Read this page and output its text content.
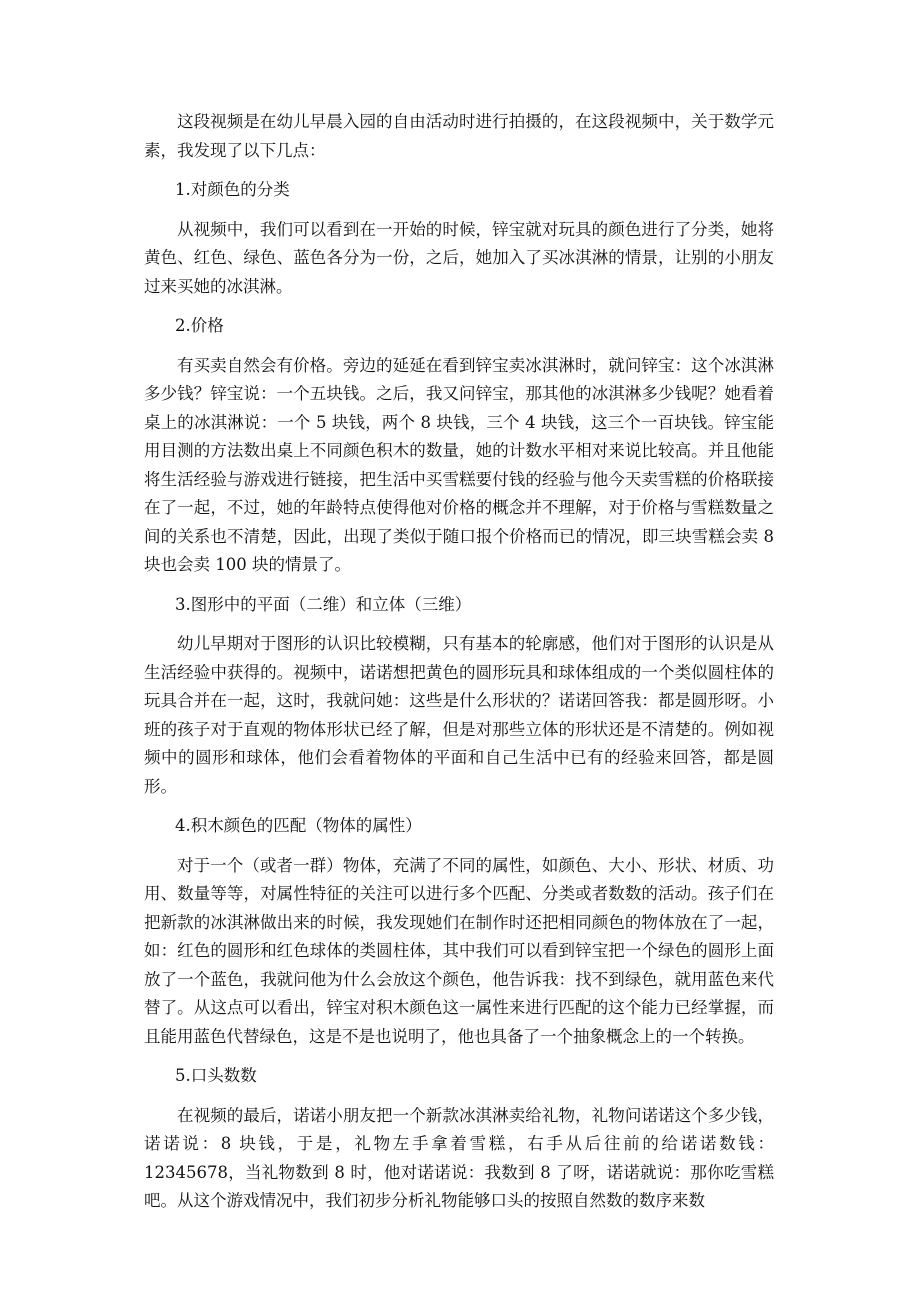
这段视频是在幼儿早晨入园的自由活动时进行拍摄的，在这段视频中，关于数学元素，我发现了以下几点：

1.对颜色的分类

从视频中，我们可以看到在一开始的时候，锌宝就对玩具的颜色进行了分类，她将黄色、红色、绿色、蓝色各分为一份，之后，她加入了买冰淇淋的情景，让别的小朋友过来买她的冰淇淋。

2.价格

有买卖自然会有价格。旁边的延延在看到锌宝卖冰淇淋时，就问锌宝：这个冰淇淋多少钱？锌宝说：一个五块钱。之后，我又问锌宝，那其他的冰淇淋多少钱呢？她看着桌上的冰淇淋说：一个 5 块钱，两个 8 块钱，三个 4 块钱，这三个一百块钱。锌宝能用目测的方法数出桌上不同颜色积木的数量，她的计数水平相对来说比较高。并且他能将生活经验与游戏进行链接，把生活中买雪糕要付钱的经验与他今天卖雪糕的价格联接在了一起，不过，她的年龄特点使得他对价格的概念并不理解，对于价格与雪糕数量之间的关系也不清楚，因此，出现了类似于随口报个价格而已的情况，即三块雪糕会卖 8 块也会卖 100 块的情景了。

3.图形中的平面（二维）和立体（三维）

幼儿早期对于图形的认识比较模糊，只有基本的轮廓感，他们对于图形的认识是从生活经验中获得的。视频中，诺诺想把黄色的圆形玩具和球体组成的一个类似圆柱体的玩具合并在一起，这时，我就问她：这些是什么形状的？诺诺回答我：都是圆形呀。小班的孩子对于直观的物体形状已经了解，但是对那些立体的形状还是不清楚的。例如视频中的圆形和球体，他们会看着物体的平面和自己生活中已有的经验来回答，都是圆形。

4.积木颜色的匹配（物体的属性）

对于一个（或者一群）物体，充满了不同的属性，如颜色、大小、形状、材质、功用、数量等等，对属性特征的关注可以进行多个匹配、分类或者数数的活动。孩子们在把新款的冰淇淋做出来的时候，我发现她们在制作时还把相同颜色的物体放在了一起，如：红色的圆形和红色球体的类圆柱体，其中我们可以看到锌宝把一个绿色的圆形上面放了一个蓝色，我就问他为什么会放这个颜色，他告诉我：找不到绿色，就用蓝色来代替了。从这点可以看出，锌宝对积木颜色这一属性来进行匹配的这个能力已经掌握，而且能用蓝色代替绿色，这是不是也说明了，他也具备了一个抽象概念上的一个转换。

5.口头数数

在视频的最后，诺诺小朋友把一个新款冰淇淋卖给礼物，礼物问诺诺这个多少钱，诺诺说：8 块钱，于是，礼物左手拿着雪糕，右手从后往前的给诺诺数钱：12345678，当礼物数到 8 时，他对诺诺说：我数到 8 了呀，诺诺就说：那你吃雪糕吧。从这个游戏情况中，我们初步分析礼物能够口头的按照自然数的数序来数
